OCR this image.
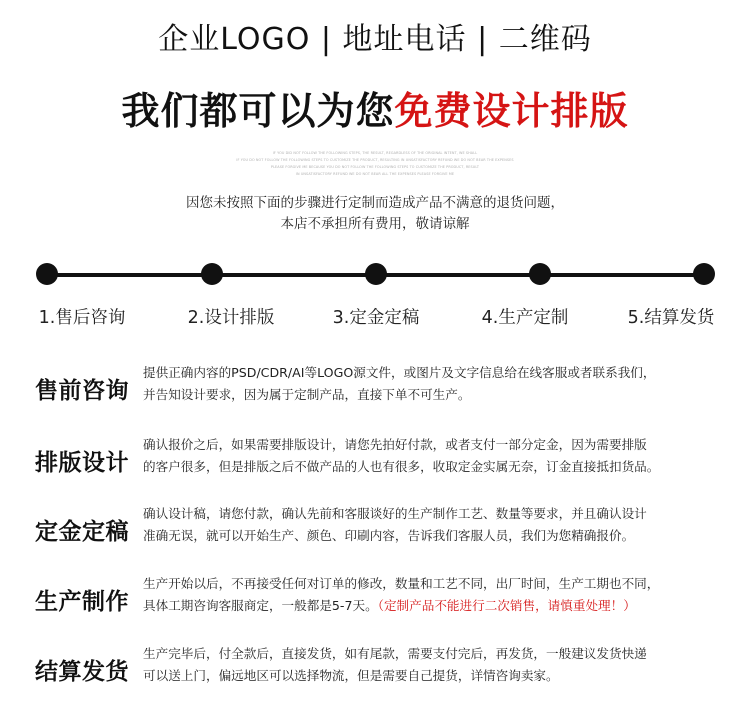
企业LOGO | 地址电话 | 二维码
我们都可以为您免费设计排版
IF YOU DID NOT FOLLOW THE FOLLOWING STEPS, THE RESULT, REGARDLESS OF THE ORIGINAL INTENT, WE SHALL
IF YOU DO NOT FOLLOW THE FOLLOWING STEPS TO CUSTOMIZE THE PRODUCT, RESULTING IN UNSATISFACTORY REFUND WE DO NOT BEAR THE EXPENSES
PLEASE FORGIVE ME BECAUSE YOU DO NOT FOLLOW THE FOLLOWING STEPS TO CUSTOMIZE THE PRODUCT, RESULT
IN UNSATISFACTORY REFUND WE DO NOT BEAR ALL THE EXPENSES PLEASE FORGIVE ME
因您未按照下面的步骤进行定制而造成产品不满意的退货问题，
本店不承担所有费用，敬请谅解
1.售后咨询	2.设计排版	3.定金定稿	4.生产定制	5.结算发货
售前咨询
提供正确内容的PSD/CDR/AI等LOGO源文件，或图片及文字信息给在线客服或者联系我们，
并告知设计要求，因为属于定制产品，直接下单不可生产。
排版设计
确认报价之后，如果需要排版设计，请您先拍好付款，或者支付一部分定金，因为需要排版
的客户很多，但是排版之后不做产品的人也有很多，收取定金实属无奈，订金直接抵扣货品。
定金定稿
确认设计稿，请您付款，确认先前和客服谈好的生产制作工艺、数量等要求，并且确认设计
准确无误，就可以开始生产、颜色、印刷内容，告诉我们客服人员，我们为您精确报价。
生产制作
生产开始以后，不再接受任何对订单的修改，数量和工艺不同，出厂时间，生产工期也不同，
具体工期咨询客服商定，一般都是5-7天。（定制产品不能进行二次销售，请慎重处理！）
结算发货
生产完毕后，付全款后，直接发货，如有尾款，需要支付完后，再发货，一般建议发货快递
可以送上门，偏远地区可以选择物流，但是需要自己提货，详情咨询卖家。
